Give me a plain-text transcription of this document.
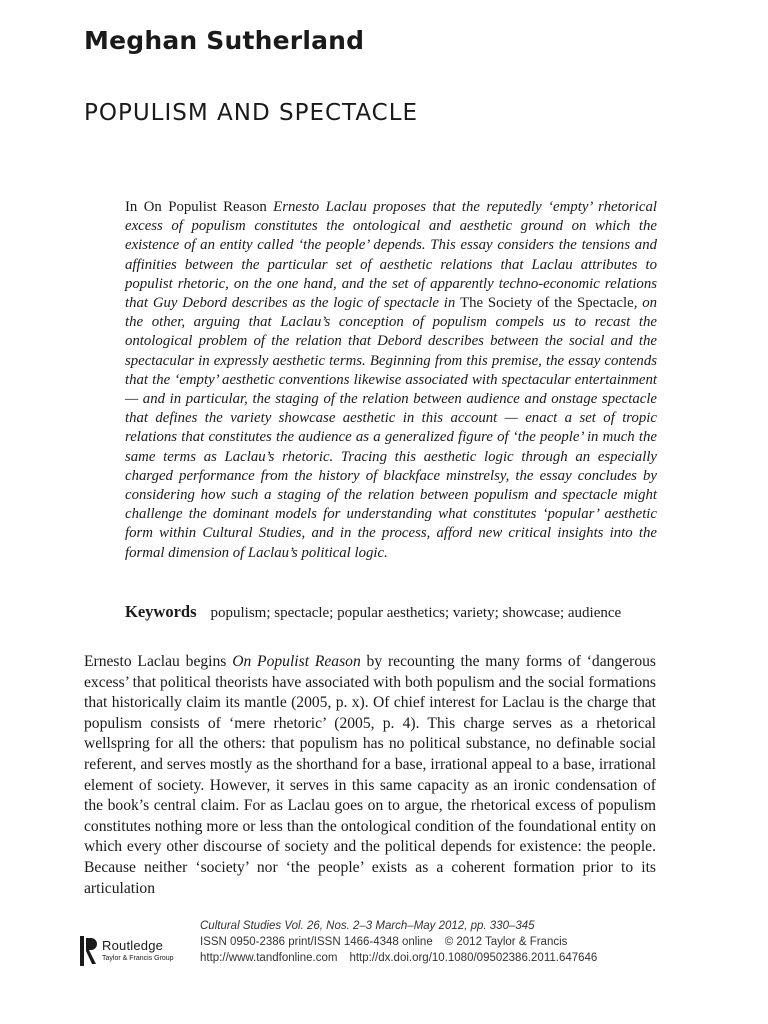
Meghan Sutherland
POPULISM AND SPECTACLE

In On Populist Reason Ernesto Laclau proposes that the reputedly ‘empty’ rhetorical excess of populism constitutes the ontological and aesthetic ground on which the existence of an entity called ‘the people’ depends. This essay considers the tensions and affinities between the particular set of aesthetic relations that Laclau attributes to populist rhetoric, on the one hand, and the set of apparently techno-economic relations that Guy Debord describes as the logic of spectacle in The Society of the Spectacle, on the other, arguing that Laclau’s conception of populism compels us to recast the ontological problem of the relation that Debord describes between the social and the spectacular in expressly aesthetic terms. Beginning from this premise, the essay contends that the ‘empty’ aesthetic conventions likewise associated with spectacular entertainment — and in particular, the staging of the relation between audience and onstage spectacle that defines the variety showcase aesthetic in this account — enact a set of tropic relations that constitutes the audience as a generalized figure of ‘the people’ in much the same terms as Laclau’s rhetoric. Tracing this aesthetic logic through an especially charged performance from the history of blackface minstrelsy, the essay concludes by considering how such a staging of the relation between populism and spectacle might challenge the dominant models for understanding what constitutes ‘popular’ aesthetic form within Cultural Studies, and in the process, afford new critical insights into the formal dimension of Laclau’s political logic.

Keywords populism; spectacle; popular aesthetics; variety; showcase; audience

Ernesto Laclau begins On Populist Reason by recounting the many forms of ‘dangerous excess’ that political theorists have associated with both populism and the social formations that historically claim its mantle (2005, p. x). Of chief interest for Laclau is the charge that populism consists of ‘mere rhetoric’ (2005, p. 4). This charge serves as a rhetorical wellspring for all the others: that populism has no political substance, no definable social referent, and serves mostly as the shorthand for a base, irrational appeal to a base, irrational element of society. However, it serves in this same capacity as an ironic condensation of the book’s central claim. For as Laclau goes on to argue, the rhetorical excess of populism constitutes nothing more or less than the ontological condition of the foundational entity on which every other discourse of society and the political depends for existence: the people. Because neither ‘society’ nor ‘the people’ exists as a coherent formation prior to its articulation

Routledge
Taylor & Francis Group
Cultural Studies Vol. 26, Nos. 2–3 March–May 2012, pp. 330–345
ISSN 0950-2386 print/ISSN 1466-4348 online © 2012 Taylor & Francis
http://www.tandfonline.com http://dx.doi.org/10.1080/09502386.2011.647646
